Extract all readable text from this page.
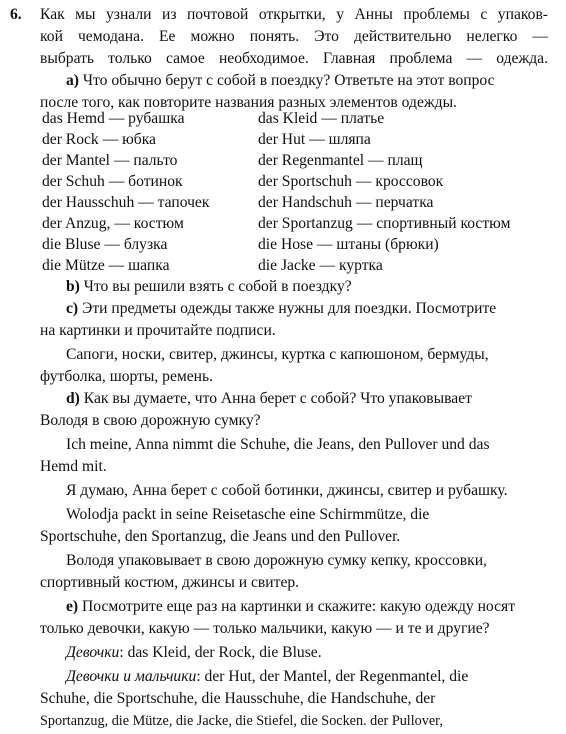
6. Как мы узнали из почтовой открытки, у Анны проблемы с упаков-
кой чемодана. Ее можно понять. Это действительно нелегко —
выбрать только самое необходимое. Главная проблема — одежда.
а) Что обычно берут с собой в поездку? Ответьте на этот вопрос
после того, как повторите названия разных элементов одежды.
das Hemd — рубашка	das Kleid — платье
der Rock — юбка	der Hut — шляпа
der Mantel — пальто	der Regenmantel — плащ
der Schuh — ботинок	der Sportschuh — кроссовок
der Hausschuh — тапочек	der Handschuh — перчатка
der Anzug, — костюм	der Sportanzug — спортивный костюм
die Bluse — блузка	die Hose — штаны (брюки)
die Mütze — шапка	die Jacke — куртка
b) Что вы решили взять с собой в поездку?
c) Эти предметы одежды также нужны для поездки. Посмотрите
на картинки и прочитайте подписи.
Сапоги, носки, свитер, джинсы, куртка с капюшоном, бермуды,
футболка, шорты, ремень.
d) Как вы думаете, что Анна берет с собой? Что упаковывает
Володя в свою дорожную сумку?
Ich meine, Anna nimmt die Schuhe, die Jeans, den Pullover und das
Hemd mit.
Я думаю, Анна берет с собой ботинки, джинсы, свитер и рубашку.
Wolodja packt in seine Reisetasche eine Schirmmütze, die
Sportschuhe, den Sportanzug, die Jeans und den Pullover.
Володя упаковывает в свою дорожную сумку кепку, кроссовки,
спортивный костюм, джинсы и свитер.
e) Посмотрите еще раз на картинки и скажите: какую одежду носят
только девочки, какую — только мальчики, какую — и те и другие?
Девочки: das Kleid, der Rock, die Bluse.
Девочки и мальчики: der Hut, der Mantel, der Regenmantel, die
Schuhe, die Sportschuhe, die Hausschuhe, die Handschuhe, der
Sportanzug, die Mütze, die Jacke, die Stiefel, die Socken. der Pullover,
